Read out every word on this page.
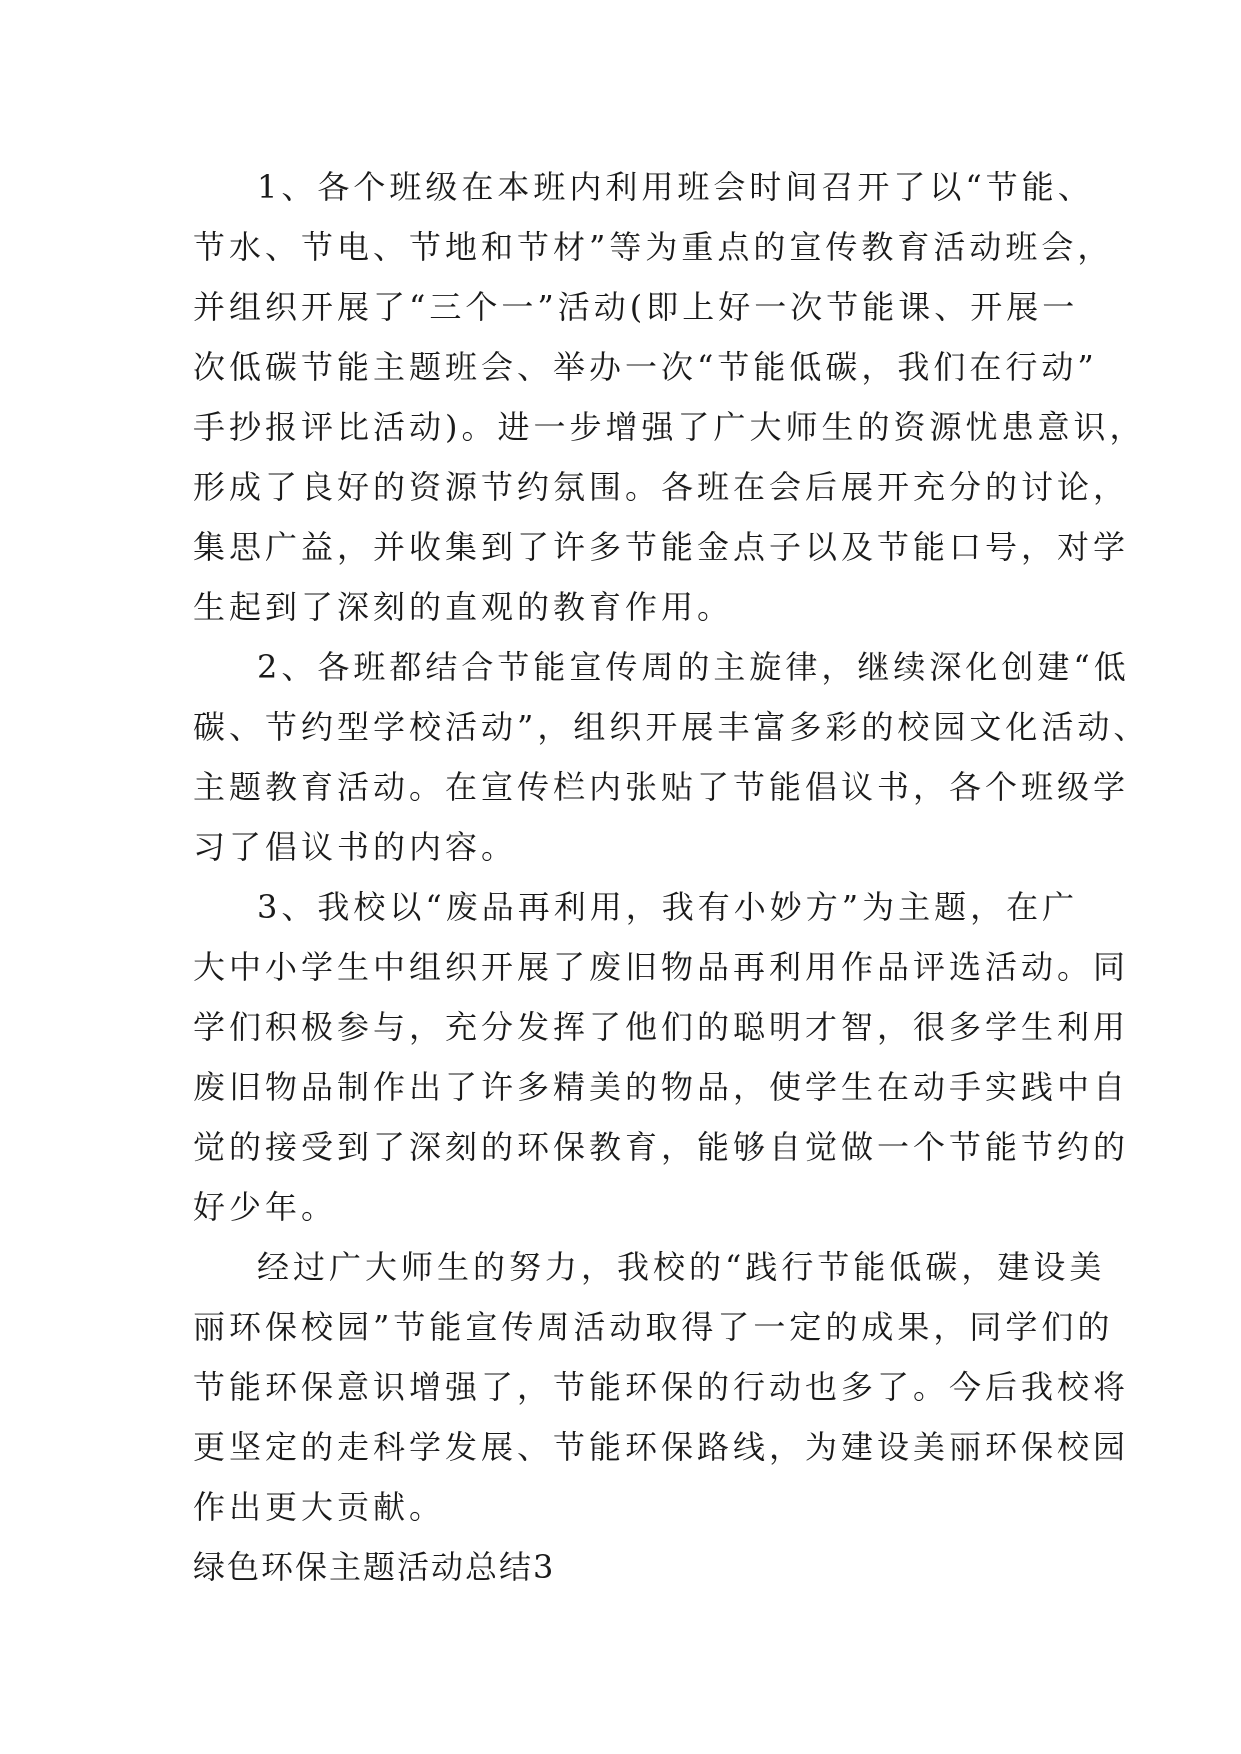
1、各个班级在本班内利用班会时间召开了以“节能、
节水、节电、节地和节材”等为重点的宣传教育活动班会，
并组织开展了“三个一”活动(即上好一次节能课、开展一
次低碳节能主题班会、举办一次“节能低碳，我们在行动”
手抄报评比活动)。进一步增强了广大师生的资源忧患意识，
形成了良好的资源节约氛围。各班在会后展开充分的讨论，
集思广益，并收集到了许多节能金点子以及节能口号，对学
生起到了深刻的直观的教育作用。
2、各班都结合节能宣传周的主旋律，继续深化创建“低
碳、节约型学校活动”，组织开展丰富多彩的校园文化活动、
主题教育活动。在宣传栏内张贴了节能倡议书，各个班级学
习了倡议书的内容。
3、我校以“废品再利用，我有小妙方”为主题，在广
大中小学生中组织开展了废旧物品再利用作品评选活动。同
学们积极参与，充分发挥了他们的聪明才智，很多学生利用
废旧物品制作出了许多精美的物品，使学生在动手实践中自
觉的接受到了深刻的环保教育，能够自觉做一个节能节约的
好少年。
经过广大师生的努力，我校的“践行节能低碳，建设美
丽环保校园”节能宣传周活动取得了一定的成果，同学们的
节能环保意识增强了，节能环保的行动也多了。今后我校将
更坚定的走科学发展、节能环保路线，为建设美丽环保校园
作出更大贡献。
绿色环保主题活动总结3
